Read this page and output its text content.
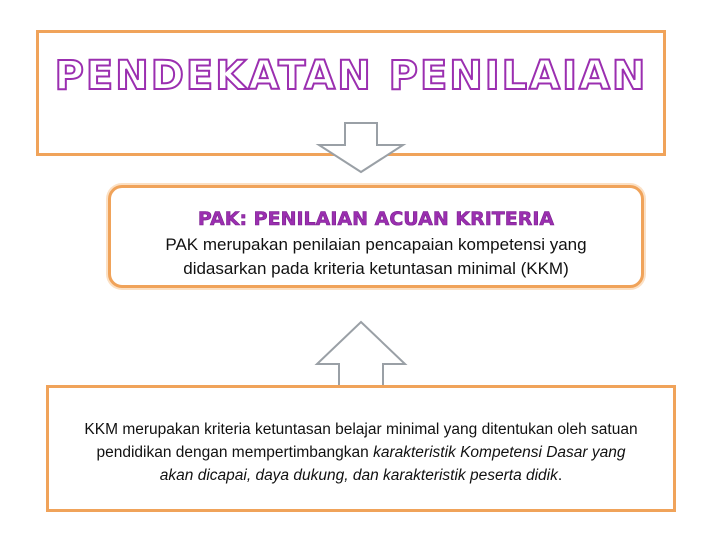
PENDEKATAN PENILAIAN
PAK: PENILAIAN ACUAN KRITERIA
PAK merupakan penilaian pencapaian kompetensi yang
didasarkan pada kriteria ketuntasan minimal (KKM)
KKM merupakan kriteria ketuntasan belajar minimal yang ditentukan oleh satuan
pendidikan dengan mempertimbangkan karakteristik Kompetensi Dasar yang
akan dicapai, daya dukung, dan karakteristik peserta didik.
